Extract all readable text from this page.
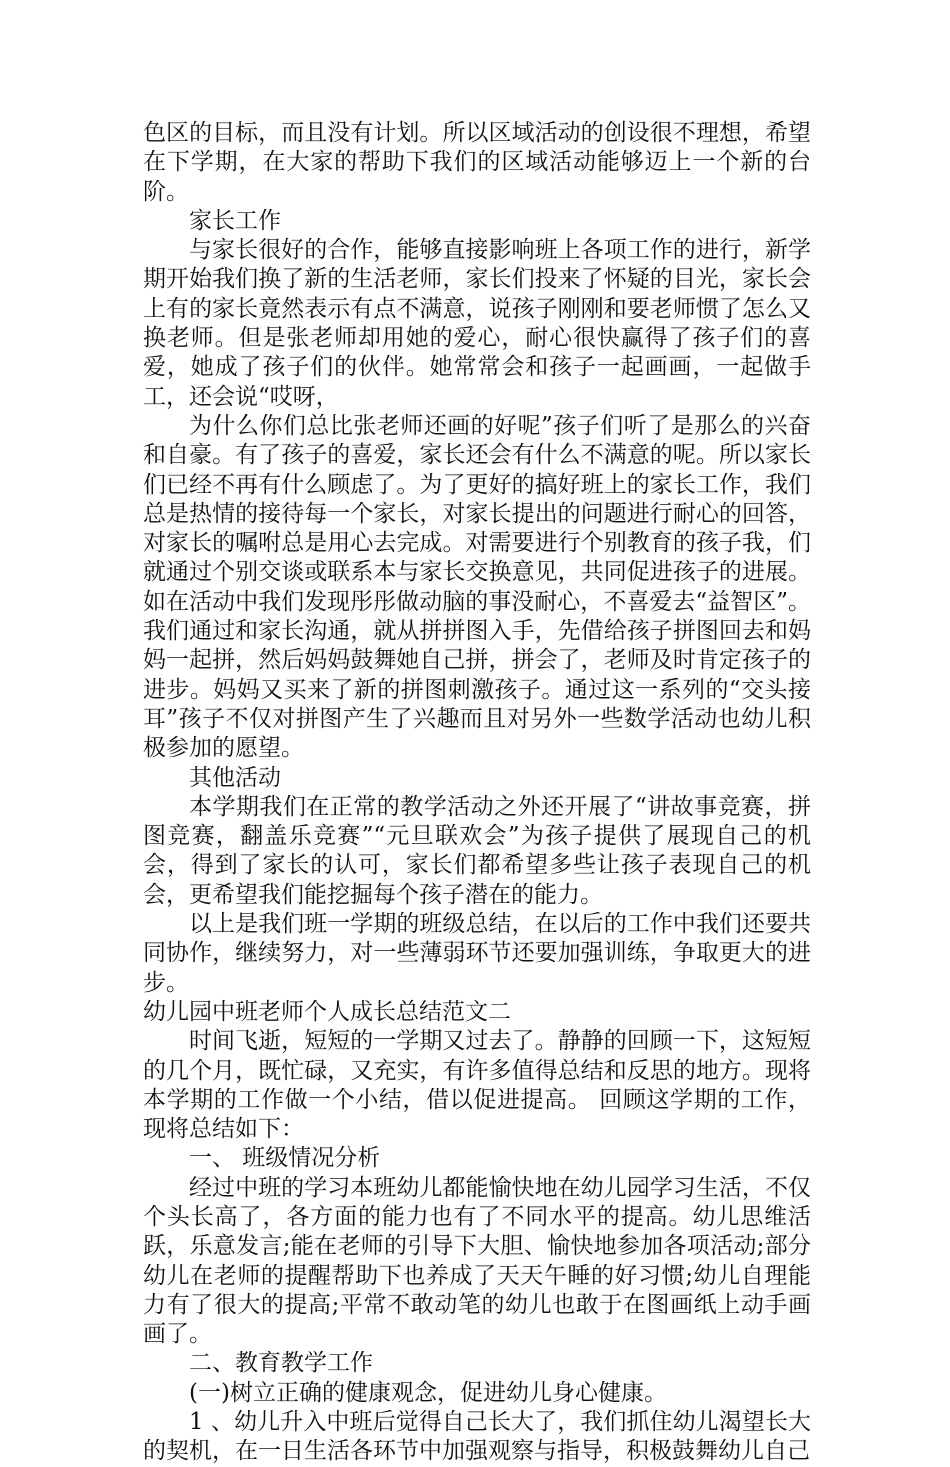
色区的目标，而且没有计划。所以区域活动的创设很不理想，希望在下学期，在大家的帮助下我们的区域活动能够迈上一个新的台阶。

家长工作

与家长很好的合作，能够直接影响班上各项工作的进行，新学期开始我们换了新的生活老师，家长们投来了怀疑的目光，家长会上有的家长竟然表示有点不满意，说孩子刚刚和要老师惯了怎么又换老师。但是张老师却用她的爱心，耐心很快赢得了孩子们的喜爱，她成了孩子们的伙伴。她常常会和孩子一起画画，一起做手工，还会说“哎呀，

为什么你们总比张老师还画的好呢”孩子们听了是那么的兴奋和自豪。有了孩子的喜爱，家长还会有什么不满意的呢。所以家长们已经不再有什么顾虑了。为了更好的搞好班上的家长工作，我们总是热情的接待每一个家长，对家长提出的问题进行耐心的回答，对家长的嘱咐总是用心去完成。对需要进行个别教育的孩子我，们就通过个别交谈或联系本与家长交换意见，共同促进孩子的进展。如在活动中我们发现彤彤做动脑的事没耐心，不喜爱去“益智区”。我们通过和家长沟通，就从拼拼图入手，先借给孩子拼图回去和妈妈一起拼，然后妈妈鼓舞她自己拼，拼会了，老师及时肯定孩子的进步。妈妈又买来了新的拼图刺激孩子。通过这一系列的“交头接耳”孩子不仅对拼图产生了兴趣而且对另外一些数学活动也幼儿积极参加的愿望。

其他活动

本学期我们在正常的教学活动之外还开展了“讲故事竞赛，拼图竞赛，翻盖乐竞赛”“元旦联欢会”为孩子提供了展现自己的机会，得到了家长的认可，家长们都希望多些让孩子表现自己的机会，更希望我们能挖掘每个孩子潜在的能力。

以上是我们班一学期的班级总结，在以后的工作中我们还要共同协作，继续努力，对一些薄弱环节还要加强训练，争取更大的进步。

幼儿园中班老师个人成长总结范文二

时间飞逝，短短的一学期又过去了。静静的回顾一下，这短短的几个月，既忙碌，又充实，有许多值得总结和反思的地方。现将本学期的工作做一个小结，借以促进提高。 回顾这学期的工作，现将总结如下：

一、 班级情况分析

经过中班的学习本班幼儿都能愉快地在幼儿园学习生活，不仅个头长高了，各方面的能力也有了不同水平的提高。幼儿思维活跃，乐意发言;能在老师的引导下大胆、愉快地参加各项活动;部分幼儿在老师的提醒帮助下也养成了天天午睡的好习惯;幼儿自理能力有了很大的提高;平常不敢动笔的幼儿也敢于在图画纸上动手画画了。

二、教育教学工作

(一)树立正确的健康观念，促进幼儿身心健康。

1 、幼儿升入中班后觉得自己长大了，我们抓住幼儿渴望长大的契机，在一日生活各环节中加强观察与指导，积极鼓舞幼儿自己
